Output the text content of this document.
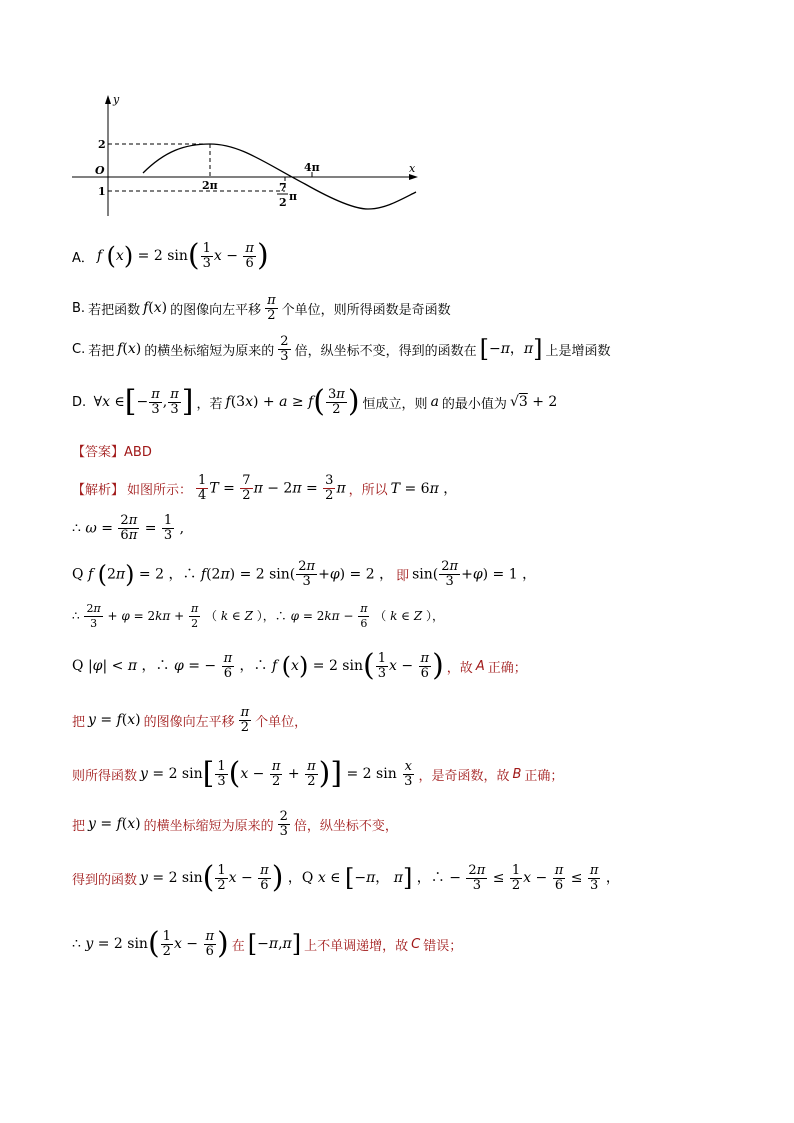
y
x
O
2
1	2π
4π
7
2 π
A． f (x) = 2 $\sin( \frac{1}{3}$ $x - \frac{\pi}{6}$ )
B. 若把函数 f(x) 的图像向左平移 $\frac{\pi}{2}$ 个单位，则所得函数是奇函数
C. 若把 f(x) 的横坐标缩短为原来的 $\frac{2}{3}$ 倍，纵坐标不变，得到的函数在 [−π，π] 上是增函数
D. ∀x ∈[− $\frac{\pi}{3}$ , $\frac{\pi}{3}$ ] ，若 $f(3x) + a \ge f( \frac{3\pi}{2}$ ) 恒成立，则 a 的最小值为 √3 + 2
【答案】ABD
【解析】 如图所示： $\frac{1}{4}$ $T = \frac{7}{2}$ $\pi - 2\pi = \frac{3}{2}$ π ，所以 T = 6π ，
∴ $\omega = \frac{2\pi}{6\pi} = \frac{1}{3}$ ,
Q f (2π) = 2 ，∴ f(2π) = 2 $\sin( \frac{2\pi}{3} +\varphi) = 2$ ， 即 $\sin( \frac{2\pi}{3} +\varphi) = 1$ ，
∴ $\frac{2\pi}{3} + \varphi = 2k\pi + \frac{\pi}{2}$ （ k ∈ Z ），∴ $\varphi = 2k\pi - \frac{\pi}{6}$ （ k ∈ Z ），
Q |φ| < π ，∴ φ = − $\frac{\pi}{6}$ ，∴ f (x) = 2 $\sin( \frac{1}{3}$ $x - \frac{\pi}{6}$ ) ，故 A 正确；
把 y = f(x) 的图像向左平移 $\frac{\pi}{2}$ 个单位，
则所得函数 y = 2 $\sin[ \frac{1}{3} (x - \frac{\pi}{2} + \frac{\pi}{2}$ )] = 2 $\sin \frac{x}{3}$ ，是奇函数，故 B 正确；
把 y = f(x) 的横坐标缩短为原来的 $\frac{2}{3}$ 倍，纵坐标不变，
得到的函数 y = 2 $\sin( \frac{1}{2}$ $x - \frac{\pi}{6}$ ) ，Q x ∈ [−π， π] ，∴ − $\frac{2\pi}{3} \le \frac{1}{2}$ $x - \frac{\pi}{6} \le \frac{\pi}{3}$ ，
∴ y = 2 $\sin( \frac{1}{2}$ $x - \frac{\pi}{6}$ ) 在 [−π,π] 上不单调递增，故 C 错误；
